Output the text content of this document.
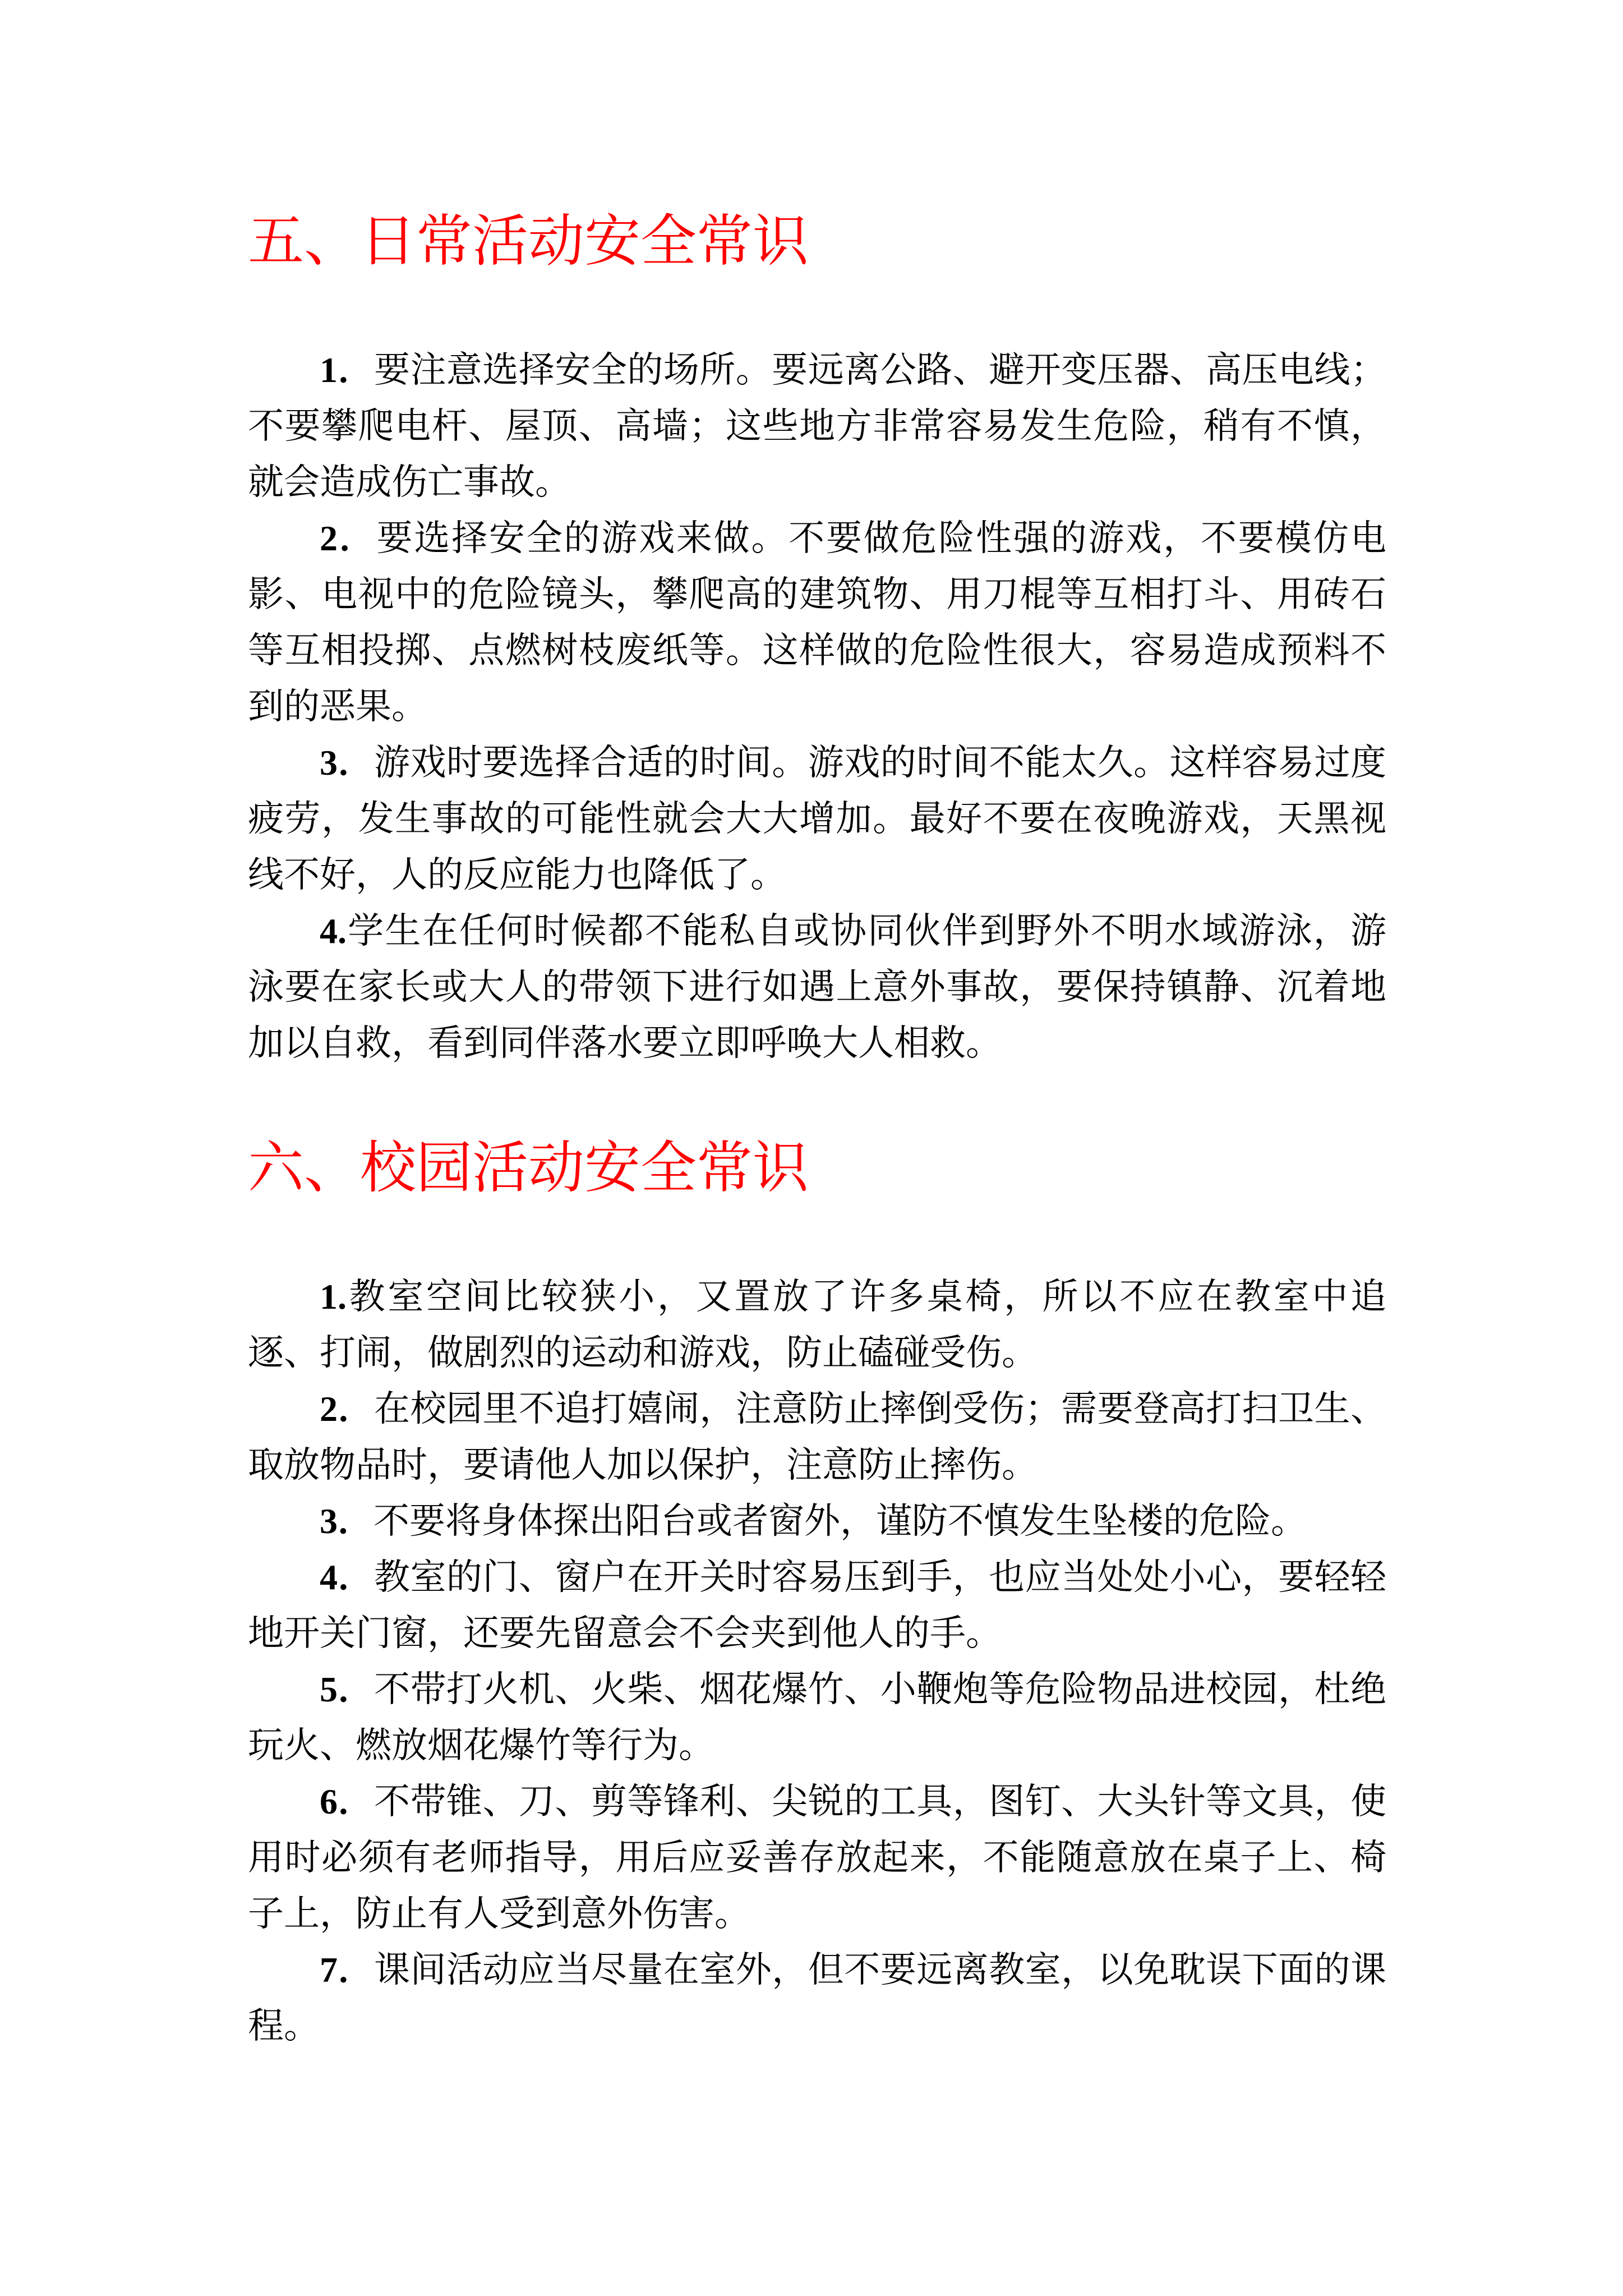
五、日常活动安全常识

1．要注意选择安全的场所。要远离公路、避开变压器、高压电线；不要攀爬电杆、屋顶、高墙；这些地方非常容易发生危险，稍有不慎，就会造成伤亡事故。

2．要选择安全的游戏来做。不要做危险性强的游戏，不要模仿电影、电视中的危险镜头，攀爬高的建筑物、用刀棍等互相打斗、用砖石等互相投掷、点燃树枝废纸等。这样做的危险性很大，容易造成预料不到的恶果。

3．游戏时要选择合适的时间。游戏的时间不能太久。这样容易过度疲劳，发生事故的可能性就会大大增加。最好不要在夜晚游戏，天黑视线不好，人的反应能力也降低了。

4.学生在任何时候都不能私自或协同伙伴到野外不明水域游泳，游泳要在家长或大人的带领下进行如遇上意外事故，要保持镇静、沉着地加以自救，看到同伴落水要立即呼唤大人相救。

六、校园活动安全常识

1.教室空间比较狭小，又置放了许多桌椅，所以不应在教室中追逐、打闹，做剧烈的运动和游戏，防止磕碰受伤。

2．在校园里不追打嬉闹，注意防止摔倒受伤；需要登高打扫卫生、取放物品时，要请他人加以保护，注意防止摔伤。

3．不要将身体探出阳台或者窗外，谨防不慎发生坠楼的危险。

4．教室的门、窗户在开关时容易压到手，也应当处处小心，要轻轻地开关门窗，还要先留意会不会夹到他人的手。

5．不带打火机、火柴、烟花爆竹、小鞭炮等危险物品进校园，杜绝玩火、燃放烟花爆竹等行为。

6．不带锥、刀、剪等锋利、尖锐的工具，图钉、大头针等文具，使用时必须有老师指导，用后应妥善存放起来，不能随意放在桌子上、椅子上，防止有人受到意外伤害。

7．课间活动应当尽量在室外，但不要远离教室，以免耽误下面的课程。
